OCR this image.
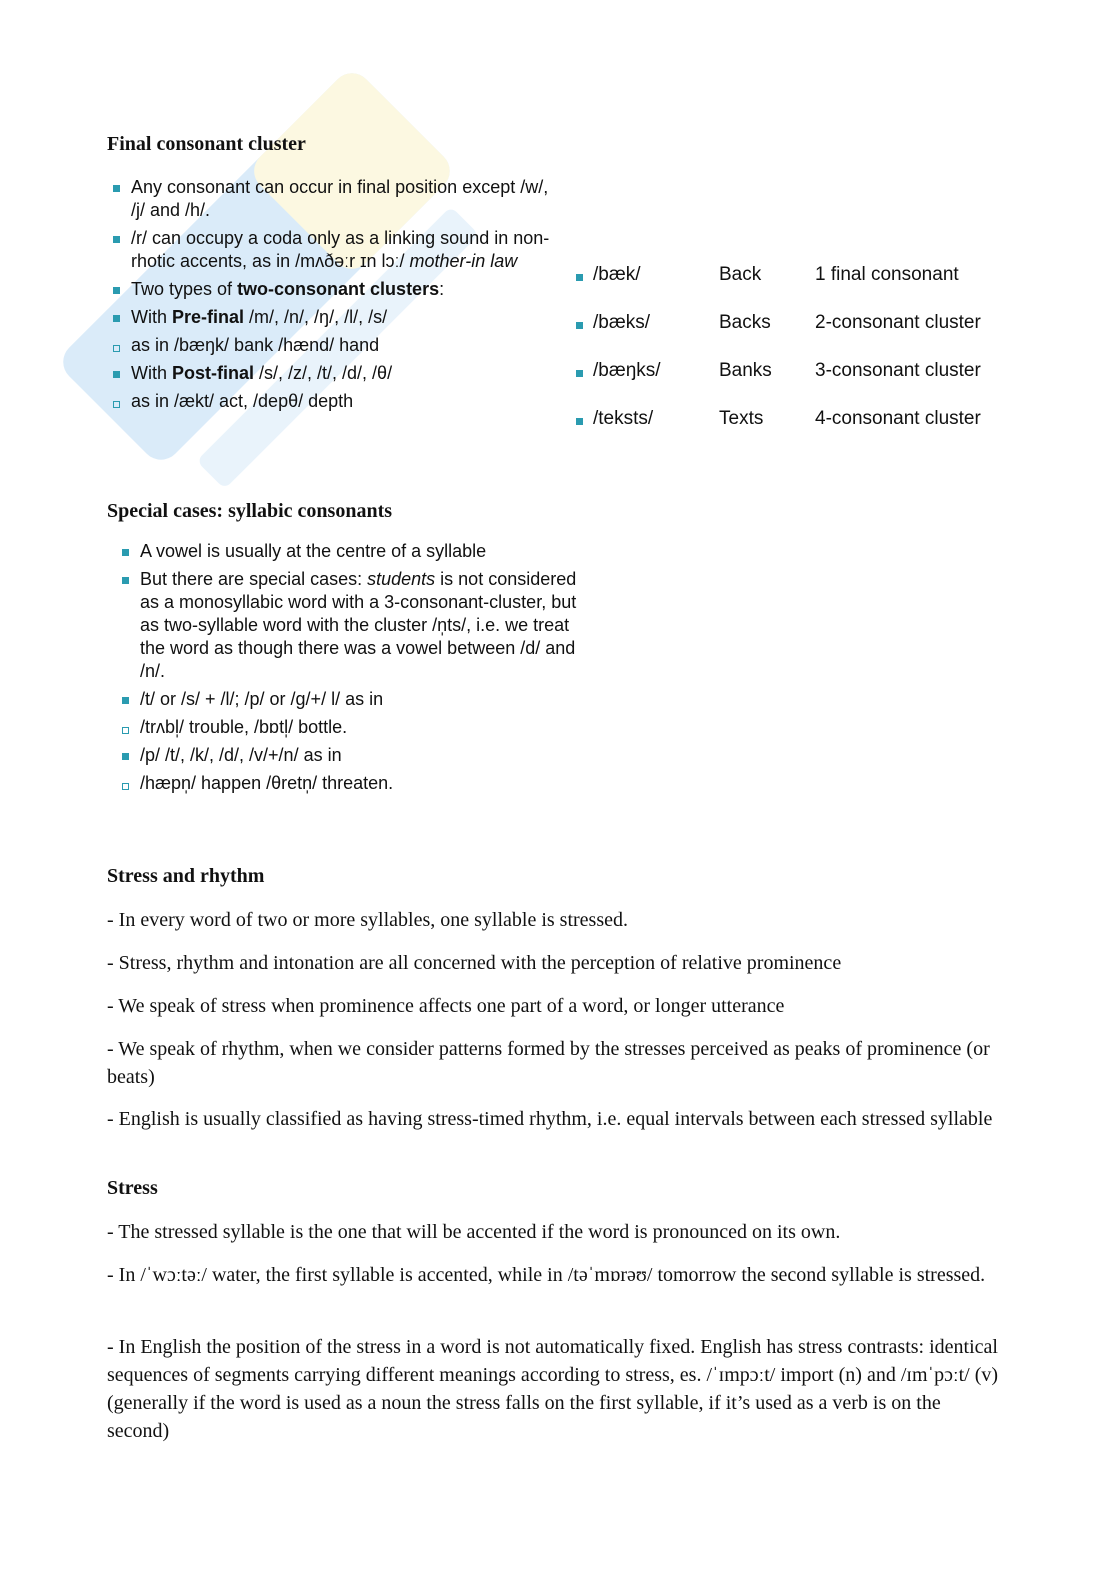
Final consonant cluster
Any consonant can occur in final position except /w/, /j/ and /h/.
/r/ can occupy a coda only as a linking sound in non-rhotic accents, as in /mʌðəːr ɪn lɔː/ mother-in law
Two types of two-consonant clusters:
With Pre-final /m/, /n/, /ŋ/, /l/, /s/
as in /bæŋk/ bank /hænd/ hand
With Post-final /s/, /z/, /t/, /d/, /θ/
as in /ækt/ act, /depθ/ depth
/bæk/	Back	1 final consonant
/bæks/	Backs 2-consonant cluster
/bæŋks/	Banks 3-consonant cluster
/teksts/	Texts	4-consonant cluster
Special cases: syllabic consonants
A vowel is usually at the centre of a syllable
But there are special cases: students is not considered as a monosyllabic word with a 3-consonant-cluster, but as two-syllable word with the cluster /n̩ts/, i.e. we treat the word as though there was a vowel between /d/ and /n/.
/t/ or /s/ + /l/; /p/ or /g/+/ l/ as in
/trʌbl̩/ trouble, /bɒtl̩/ bottle.
/p/ /t/, /k/, /d/, /v/+/n/ as in
/hæpn̩/ happen /θretn̩/ threaten.
Stress and rhythm

- In every word of two or more syllables, one syllable is stressed.

- Stress, rhythm and intonation are all concerned with the perception of relative prominence

- We speak of stress when prominence affects one part of a word, or longer utterance

- We speak of rhythm, when we consider patterns formed by the stresses perceived as peaks of prominence (or beats)

- English is usually classified as having stress-timed rhythm, i.e. equal intervals between each stressed syllable

Stress

- The stressed syllable is the one that will be accented if the word is pronounced on its own.

- In /ˈwɔːtəː/ water, the first syllable is accented, while in /təˈmɒrəʊ/ tomorrow the second syllable is stressed.

- In English the position of the stress in a word is not automatically fixed. English has stress contrasts: identical sequences of segments carrying different meanings according to stress, es. /ˈɪmpɔːt/ import (n) and /ɪmˈpɔːt/ (v) (generally if the word is used as a noun the stress falls on the first syllable, if it’s used as a verb is on the second)
